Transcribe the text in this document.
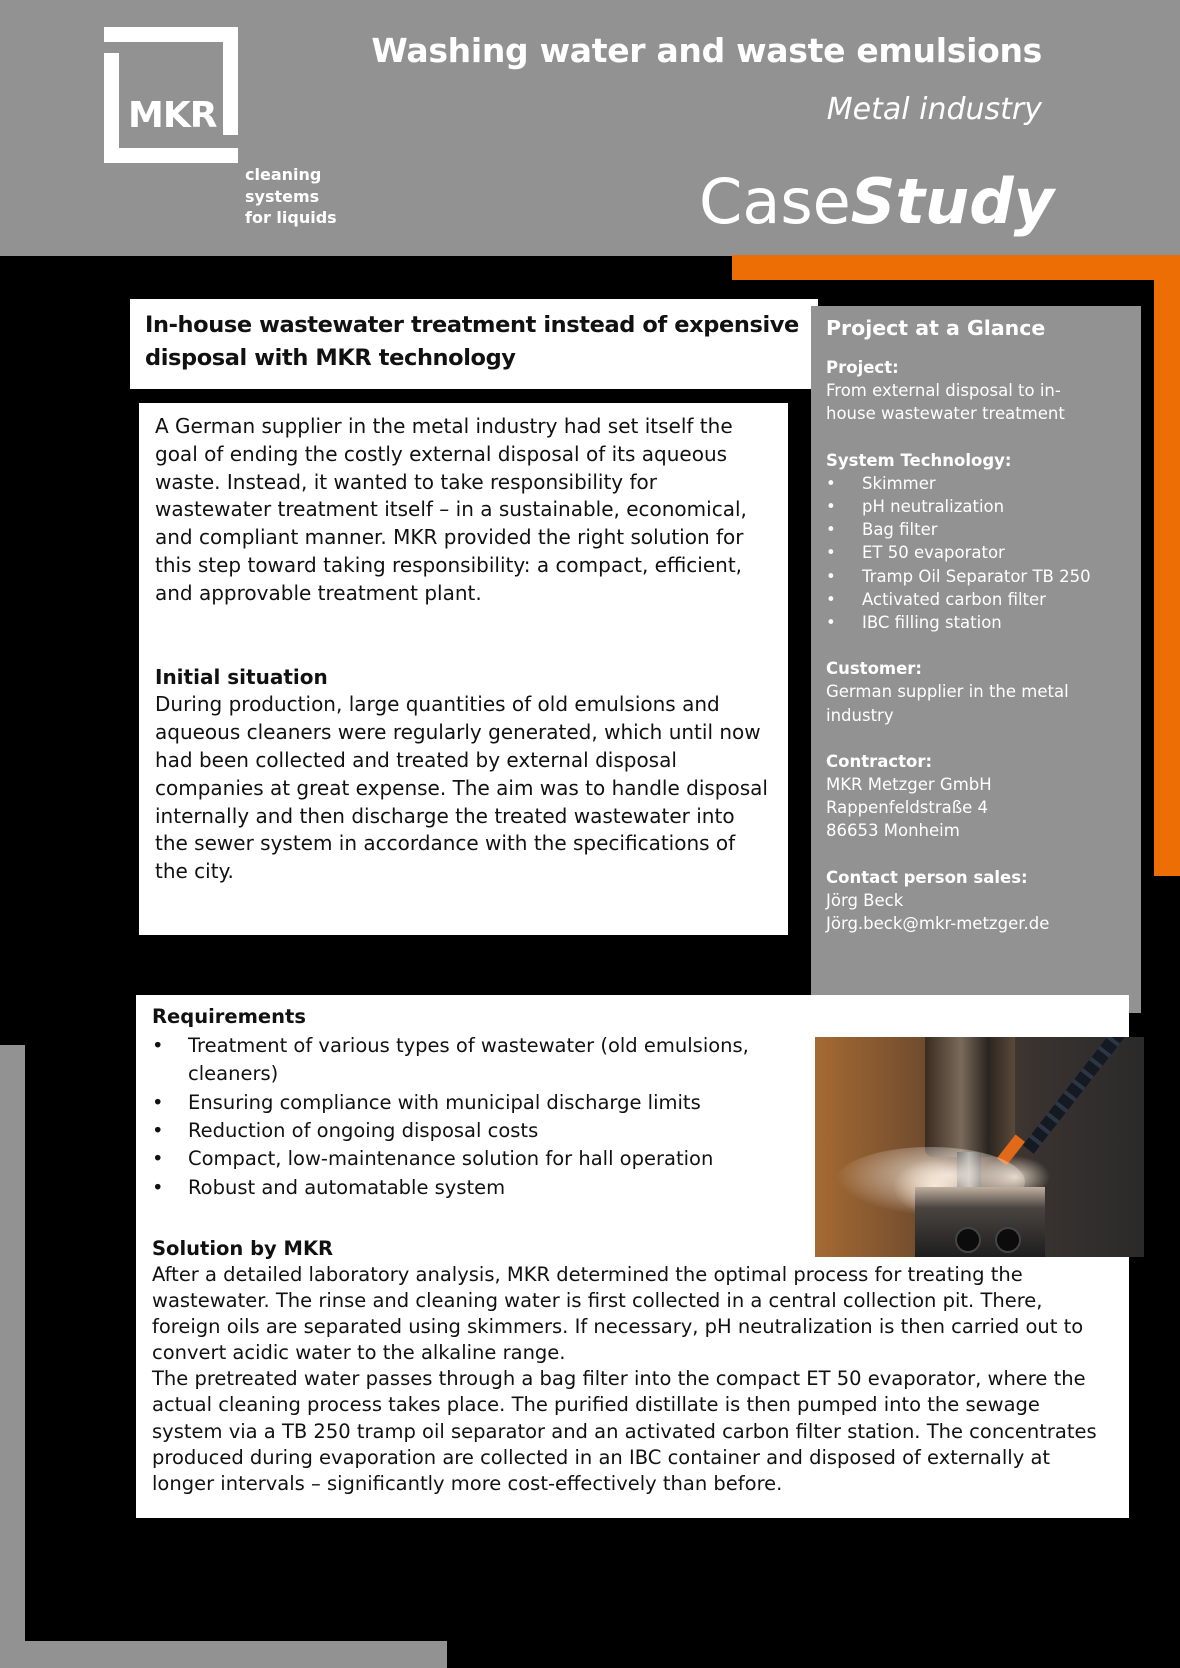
MKR
cleaning
systems
for liquids
Washing water and waste emulsions
Metal industry
CaseStudy
In-house wastewater treatment instead of expensive disposal with MKR technology
Project at a Glance
Project:
From external disposal to in-house wastewater treatment
System Technology:
• Skimmer
• pH neutralization
• Bag filter
• ET 50 evaporator
• Tramp Oil Separator TB 250
• Activated carbon filter
• IBC filling station
Customer:
German supplier in the metal industry
Contractor:
MKR Metzger GmbH
Rappenfeldstraße 4
86653 Monheim
Contact person sales:
Jörg Beck
Jörg.beck@mkr-metzger.de

A German supplier in the metal industry had set itself the goal of ending the costly external disposal of its aqueous waste. Instead, it wanted to take responsibility for wastewater treatment itself – in a sustainable, economical, and compliant manner. MKR provided the right solution for this step toward taking responsibility: a compact, efficient, and approvable treatment plant.

Initial situation

During production, large quantities of old emulsions and aqueous cleaners were regularly generated, which until now had been collected and treated by external disposal companies at great expense. The aim was to handle disposal internally and then discharge the treated wastewater into the sewer system in accordance with the specifications of the city.

Requirements

• Treatment of various types of wastewater (old emulsions, cleaners)
• Ensuring compliance with municipal discharge limits
• Reduction of ongoing disposal costs
• Compact, low-maintenance solution for hall operation
• Robust and automatable system

Solution by MKR

After a detailed laboratory analysis, MKR determined the optimal process for treating the wastewater. The rinse and cleaning water is first collected in a central collection pit. There, foreign oils are separated using skimmers. If necessary, pH neutralization is then carried out to convert acidic water to the alkaline range.

The pretreated water passes through a bag filter into the compact ET 50 evaporator, where the actual cleaning process takes place. The purified distillate is then pumped into the sewage system via a TB 250 tramp oil separator and an activated carbon filter station. The concentrates produced during evaporation are collected in an IBC container and disposed of externally at longer intervals – significantly more cost-effectively than before.
